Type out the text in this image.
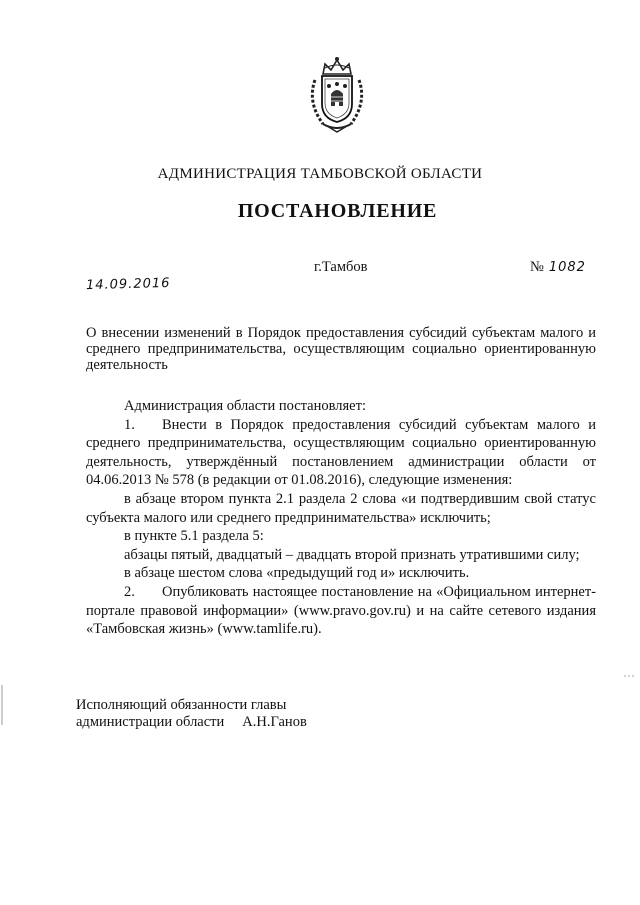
АДМИНИСТРАЦИЯ ТАМБОВСКОЙ ОБЛАСТИ
ПОСТАНОВЛЕНИЕ
14.09.2016
г.Тамбов	№ 1082
О внесении изменений в Порядок предоставления субсидий субъектам малого и среднего предпринимательства, осуществляющим социально ориентированную деятельность

Администрация области постановляет:

1. Внести в Порядок предоставления субсидий субъектам малого и среднего предпринимательства, осуществляющим социально ориентированную деятельность, утверждённый постановлением администрации области от 04.06.2013 № 578 (в редакции от 01.08.2016), следующие изменения:

в абзаце втором пункта 2.1 раздела 2 слова «и подтвердившим свой статус субъекта малого или среднего предпринимательства» исключить;

в пункте 5.1 раздела 5:

абзацы пятый, двадцатый – двадцать второй признать утратившими силу;

в абзаце шестом слова «предыдущий год и» исключить.

2. Опубликовать настоящее постановление на «Официальном интернет-портале правовой информации» (www.pravo.gov.ru) и на сайте сетевого издания «Тамбовская жизнь» (www.tamlife.ru).

Исполняющий обязанности главы
администрации области А.Н.Ганов
